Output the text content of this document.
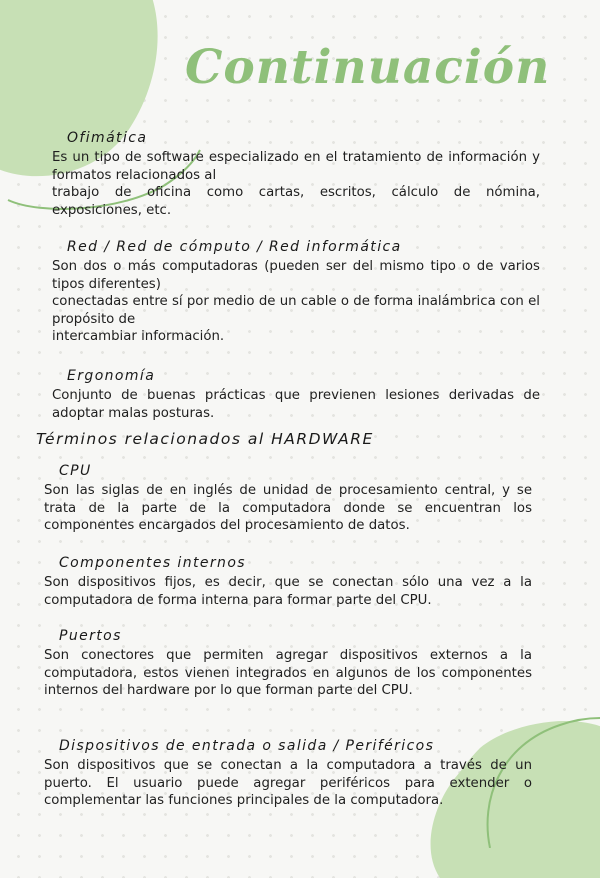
Continuación

Ofimática

Es un tipo de software especializado en el tratamiento de información y formatos relacionados al
trabajo de oficina como cartas, escritos, cálculo de nómina, exposiciones, etc.

Red / Red de cómputo / Red informática

Son dos o más computadoras (pueden ser del mismo tipo o de varios tipos diferentes)
conectadas entre sí por medio de un cable o de forma inalámbrica con el propósito de
intercambiar información.

Ergonomía

Conjunto de buenas prácticas que previenen lesiones derivadas de adoptar malas posturas.

Términos relacionados al HARDWARE

CPU

Son las siglas de en inglés de unidad de procesamiento central, y se trata de la parte de la computadora donde se encuentran los componentes encargados del procesamiento de datos.

Componentes internos

Son dispositivos fijos, es decir, que se conectan sólo una vez a la computadora de forma interna para formar parte del CPU.

Puertos

Son conectores que permiten agregar dispositivos externos a la computadora, estos vienen integrados en algunos de los componentes internos del hardware por lo que forman parte del CPU.

Dispositivos de entrada o salida / Periféricos

Son dispositivos que se conectan a la computadora a través de un puerto. El usuario puede agregar periféricos para extender o complementar las funciones principales de la computadora.
